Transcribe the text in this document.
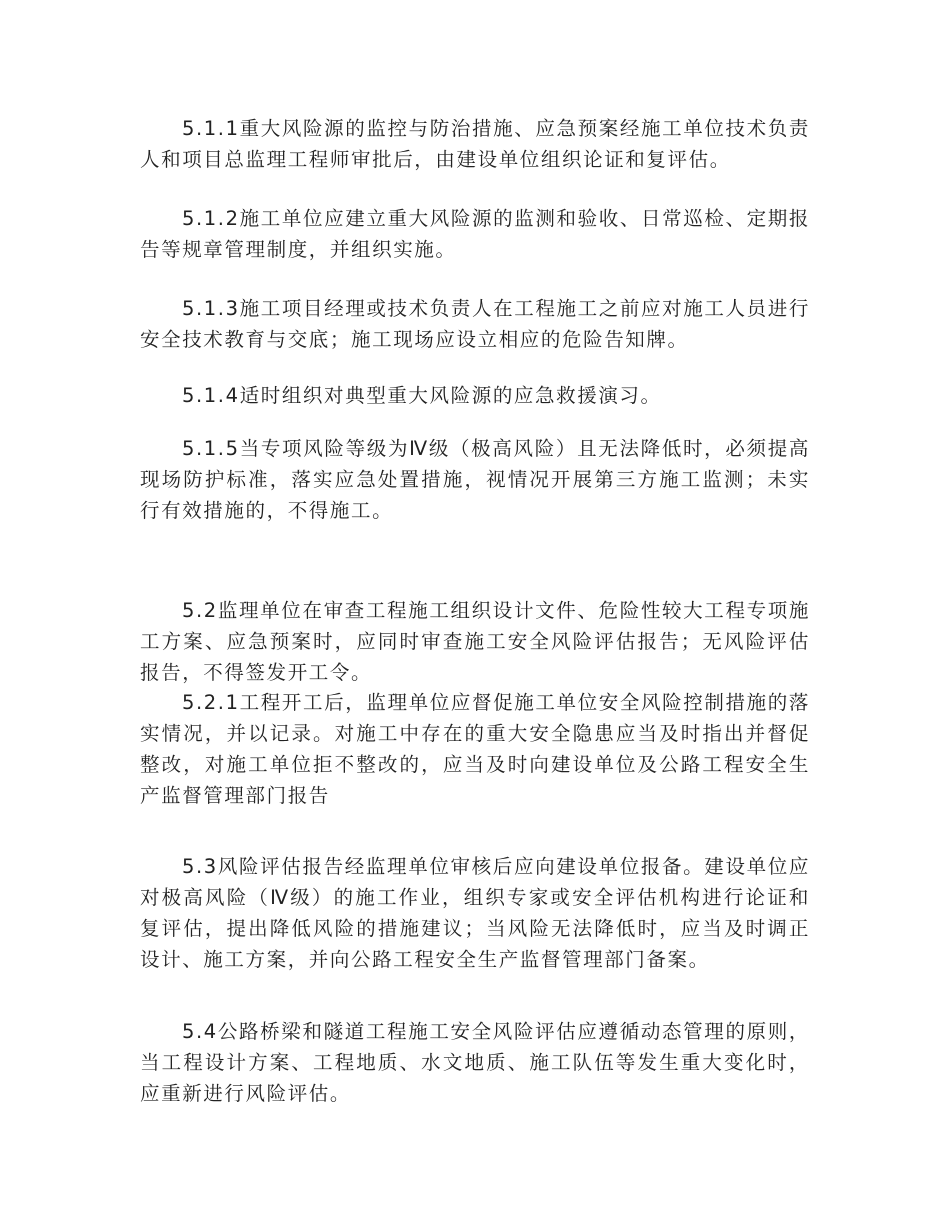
5.1.1重大风险源的监控与防治措施、应急预案经施工单位技术负责人和项目总监理工程师审批后，由建设单位组织论证和复评估。

5.1.2施工单位应建立重大风险源的监测和验收、日常巡检、定期报告等规章管理制度，并组织实施。

5.1.3施工项目经理或技术负责人在工程施工之前应对施工人员进行安全技术教育与交底；施工现场应设立相应的危险告知牌。

5.1.4适时组织对典型重大风险源的应急救援演习。

5.1.5当专项风险等级为Ⅳ级（极高风险）且无法降低时，必须提高现场防护标准，落实应急处置措施，视情况开展第三方施工监测；未实行有效措施的，不得施工。

5.2监理单位在审查工程施工组织设计文件、危险性较大工程专项施工方案、应急预案时，应同时审查施工安全风险评估报告；无风险评估报告，不得签发开工令。

5.2.1工程开工后，监理单位应督促施工单位安全风险控制措施的落实情况，并以记录。对施工中存在的重大安全隐患应当及时指出并督促整改，对施工单位拒不整改的，应当及时向建设单位及公路工程安全生产监督管理部门报告

5.3风险评估报告经监理单位审核后应向建设单位报备。建设单位应对极高风险（Ⅳ级）的施工作业，组织专家或安全评估机构进行论证和复评估，提出降低风险的措施建议；当风险无法降低时，应当及时调正设计、施工方案，并向公路工程安全生产监督管理部门备案。

5.4公路桥梁和隧道工程施工安全风险评估应遵循动态管理的原则，当工程设计方案、工程地质、水文地质、施工队伍等发生重大变化时，应重新进行风险评估。
